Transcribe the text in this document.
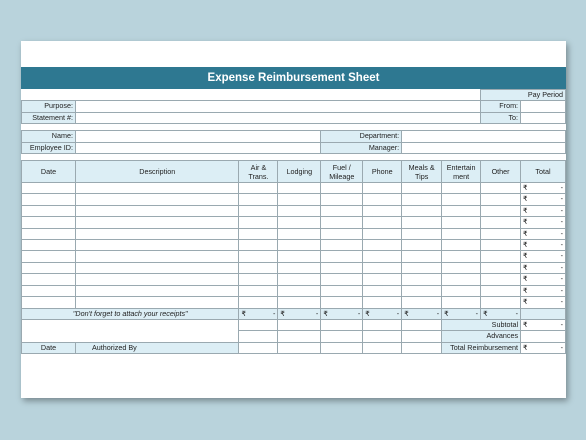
Expense Reimbursement Sheet
								Pay Period	
Purpose:								From:	
Statement #:								To:	

Name:				Department:					
Employee ID:				Manager:					

Date	Description	Air & Trans.	Lodging	Fuel / Mileage	Phone	Meals & Tips	Entertain ment	Other	Total

									₹ -

									₹ -

									₹ -

									₹ -

									₹ -

									₹ -

									₹ -

									₹ -

									₹ -

									₹ -

									₹ -

"Don't forget to attach your receipts"		₹ -	₹ -	₹ -	₹ -	₹ -	₹ -	₹ -	

							Subtotal		₹ -

							Advances		
Date	Authorized By						Total Reimbursement		₹ -
